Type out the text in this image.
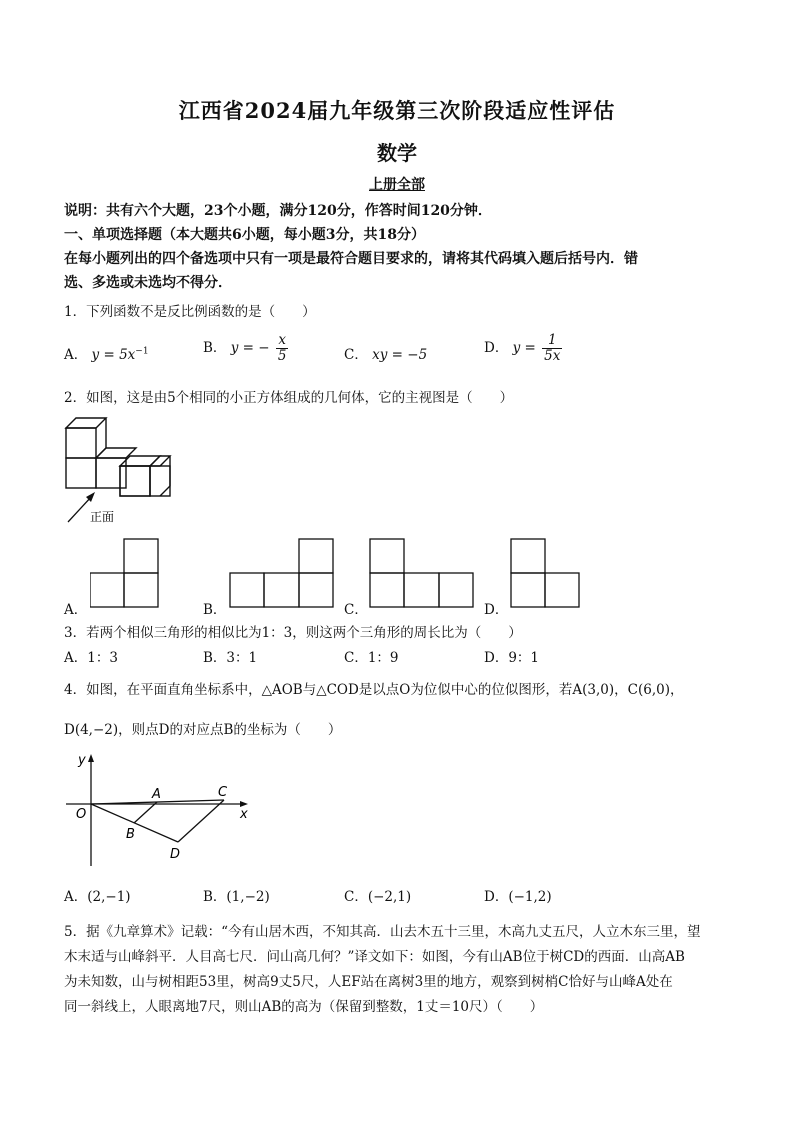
江西省2024届九年级第三次阶段适应性评估
数学
上册全部
说明：共有六个大题，23个小题，满分120分，作答时间120分钟．
一、单项选择题（本大题共6小题，每小题3分，共18分）
在每小题列出的四个备选项中只有一项是最符合题目要求的，请将其代码填入题后括号内．错
选、多选或未选均不得分．
1．下列函数不是反比例函数的是（　　）
A． $y = 5x^{-1}$	B． y = − $\frac{x}{5}$	C． xy = −5	D． $y = \frac{1}{5x}$
2．如图，这是由5个相同的小正方体组成的几何体，它的主视图是（　　）
正面
A．	B．	C．	D．
3．若两个相似三角形的相似比为1：3，则这两个三角形的周长比为（　　）
A．1：3	B．3：1	C．1：9	D．9：1
4．如图，在平面直角坐标系中，△AOB与△COD是以点O为位似中心的位似图形，若A(3,0)，C(6,0)，
D(4,−2)，则点D的对应点B的坐标为（　　）
y
x
O
A
B
C
D
A．(2,−1)	B．(1,−2)	C．(−2,1)	D．(−1,2)
5．据《九章算术》记载：“今有山居木西，不知其高．山去木五十三里，木高九丈五尺，人立木东三里，望
木末适与山峰斜平．人目高七尺．问山高几何？”译文如下：如图，今有山AB位于树CD的西面．山高AB
为未知数，山与树相距53里，树高9丈5尺，人EF站在离树3里的地方，观察到树梢C恰好与山峰A处在
同一斜线上，人眼离地7尺，则山AB的高为（保留到整数，1丈＝10尺）（　　）
